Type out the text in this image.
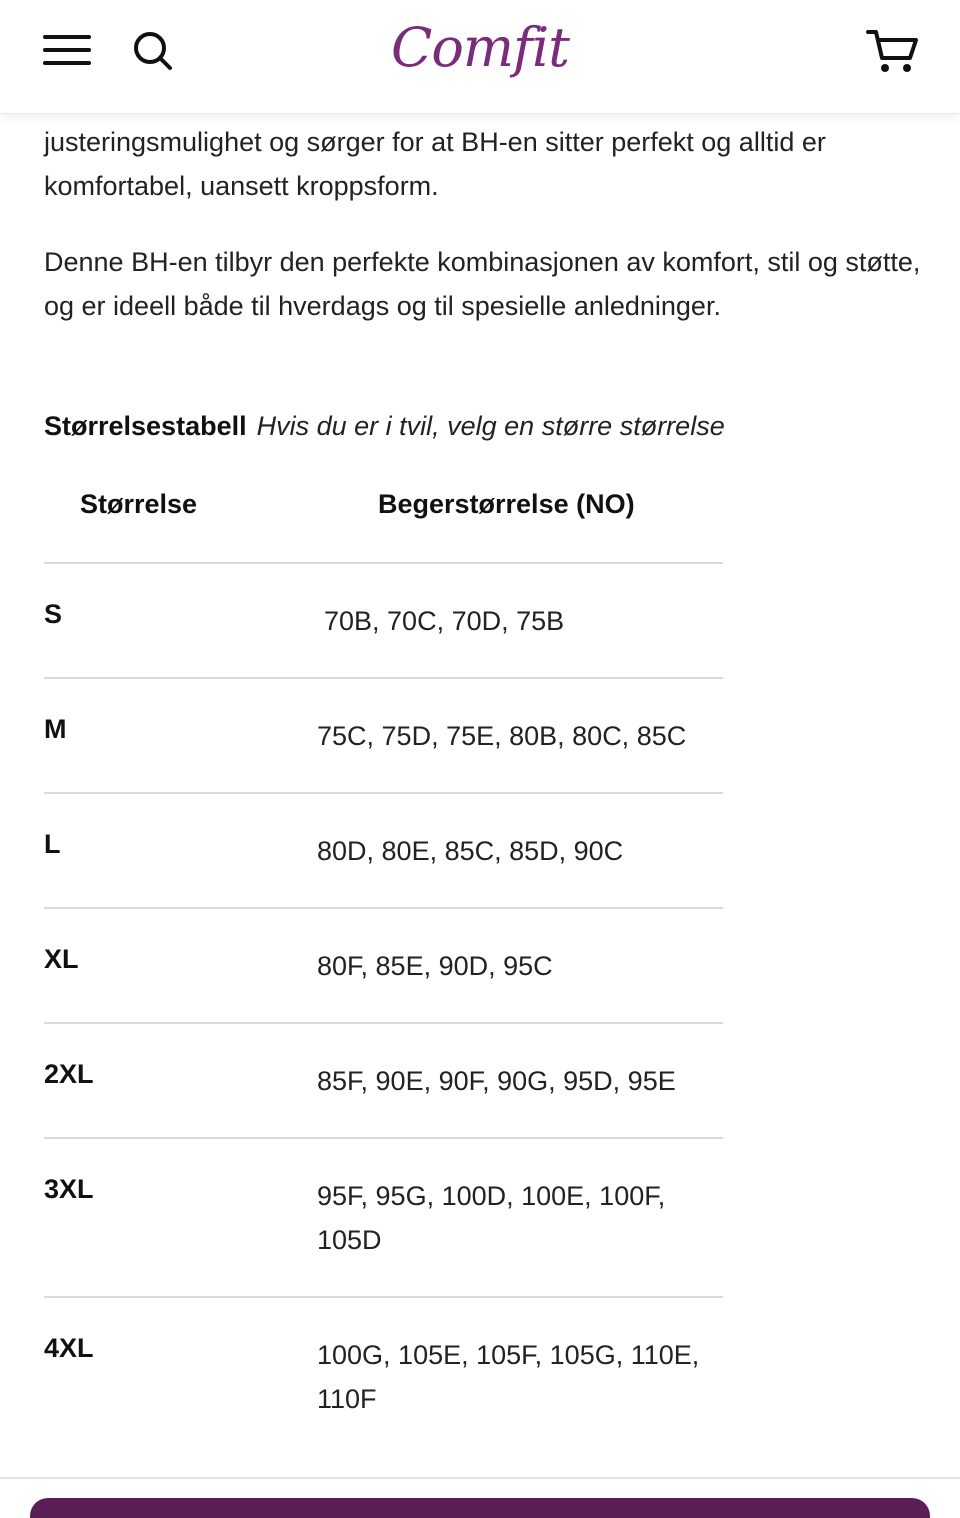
Comfit

justeringsmulighet og sørger for at BH-en sitter perfekt og alltid er komfortabel, uansett kroppsform.

Denne BH-en tilbyr den perfekte kombinasjonen av komfort, stil og støtte, og er ideell både til hverdags og til spesielle anledninger.

Størrelsestabell Hvis du er i tvil, velg en større størrelse
Størrelse	Begerstørrelse (NO)
S	70B, 70C, 70D, 75B
M	75C, 75D, 75E, 80B, 80C, 85C
L	80D, 80E, 85C, 85D, 90C
XL	80F, 85E, 90D, 95C
2XL	85F, 90E, 90F, 90G, 95D, 95E
3XL	95F, 95G, 100D, 100E, 100F, 105D
4XL	100G, 105E, 105F, 105G, 110E, 110F
